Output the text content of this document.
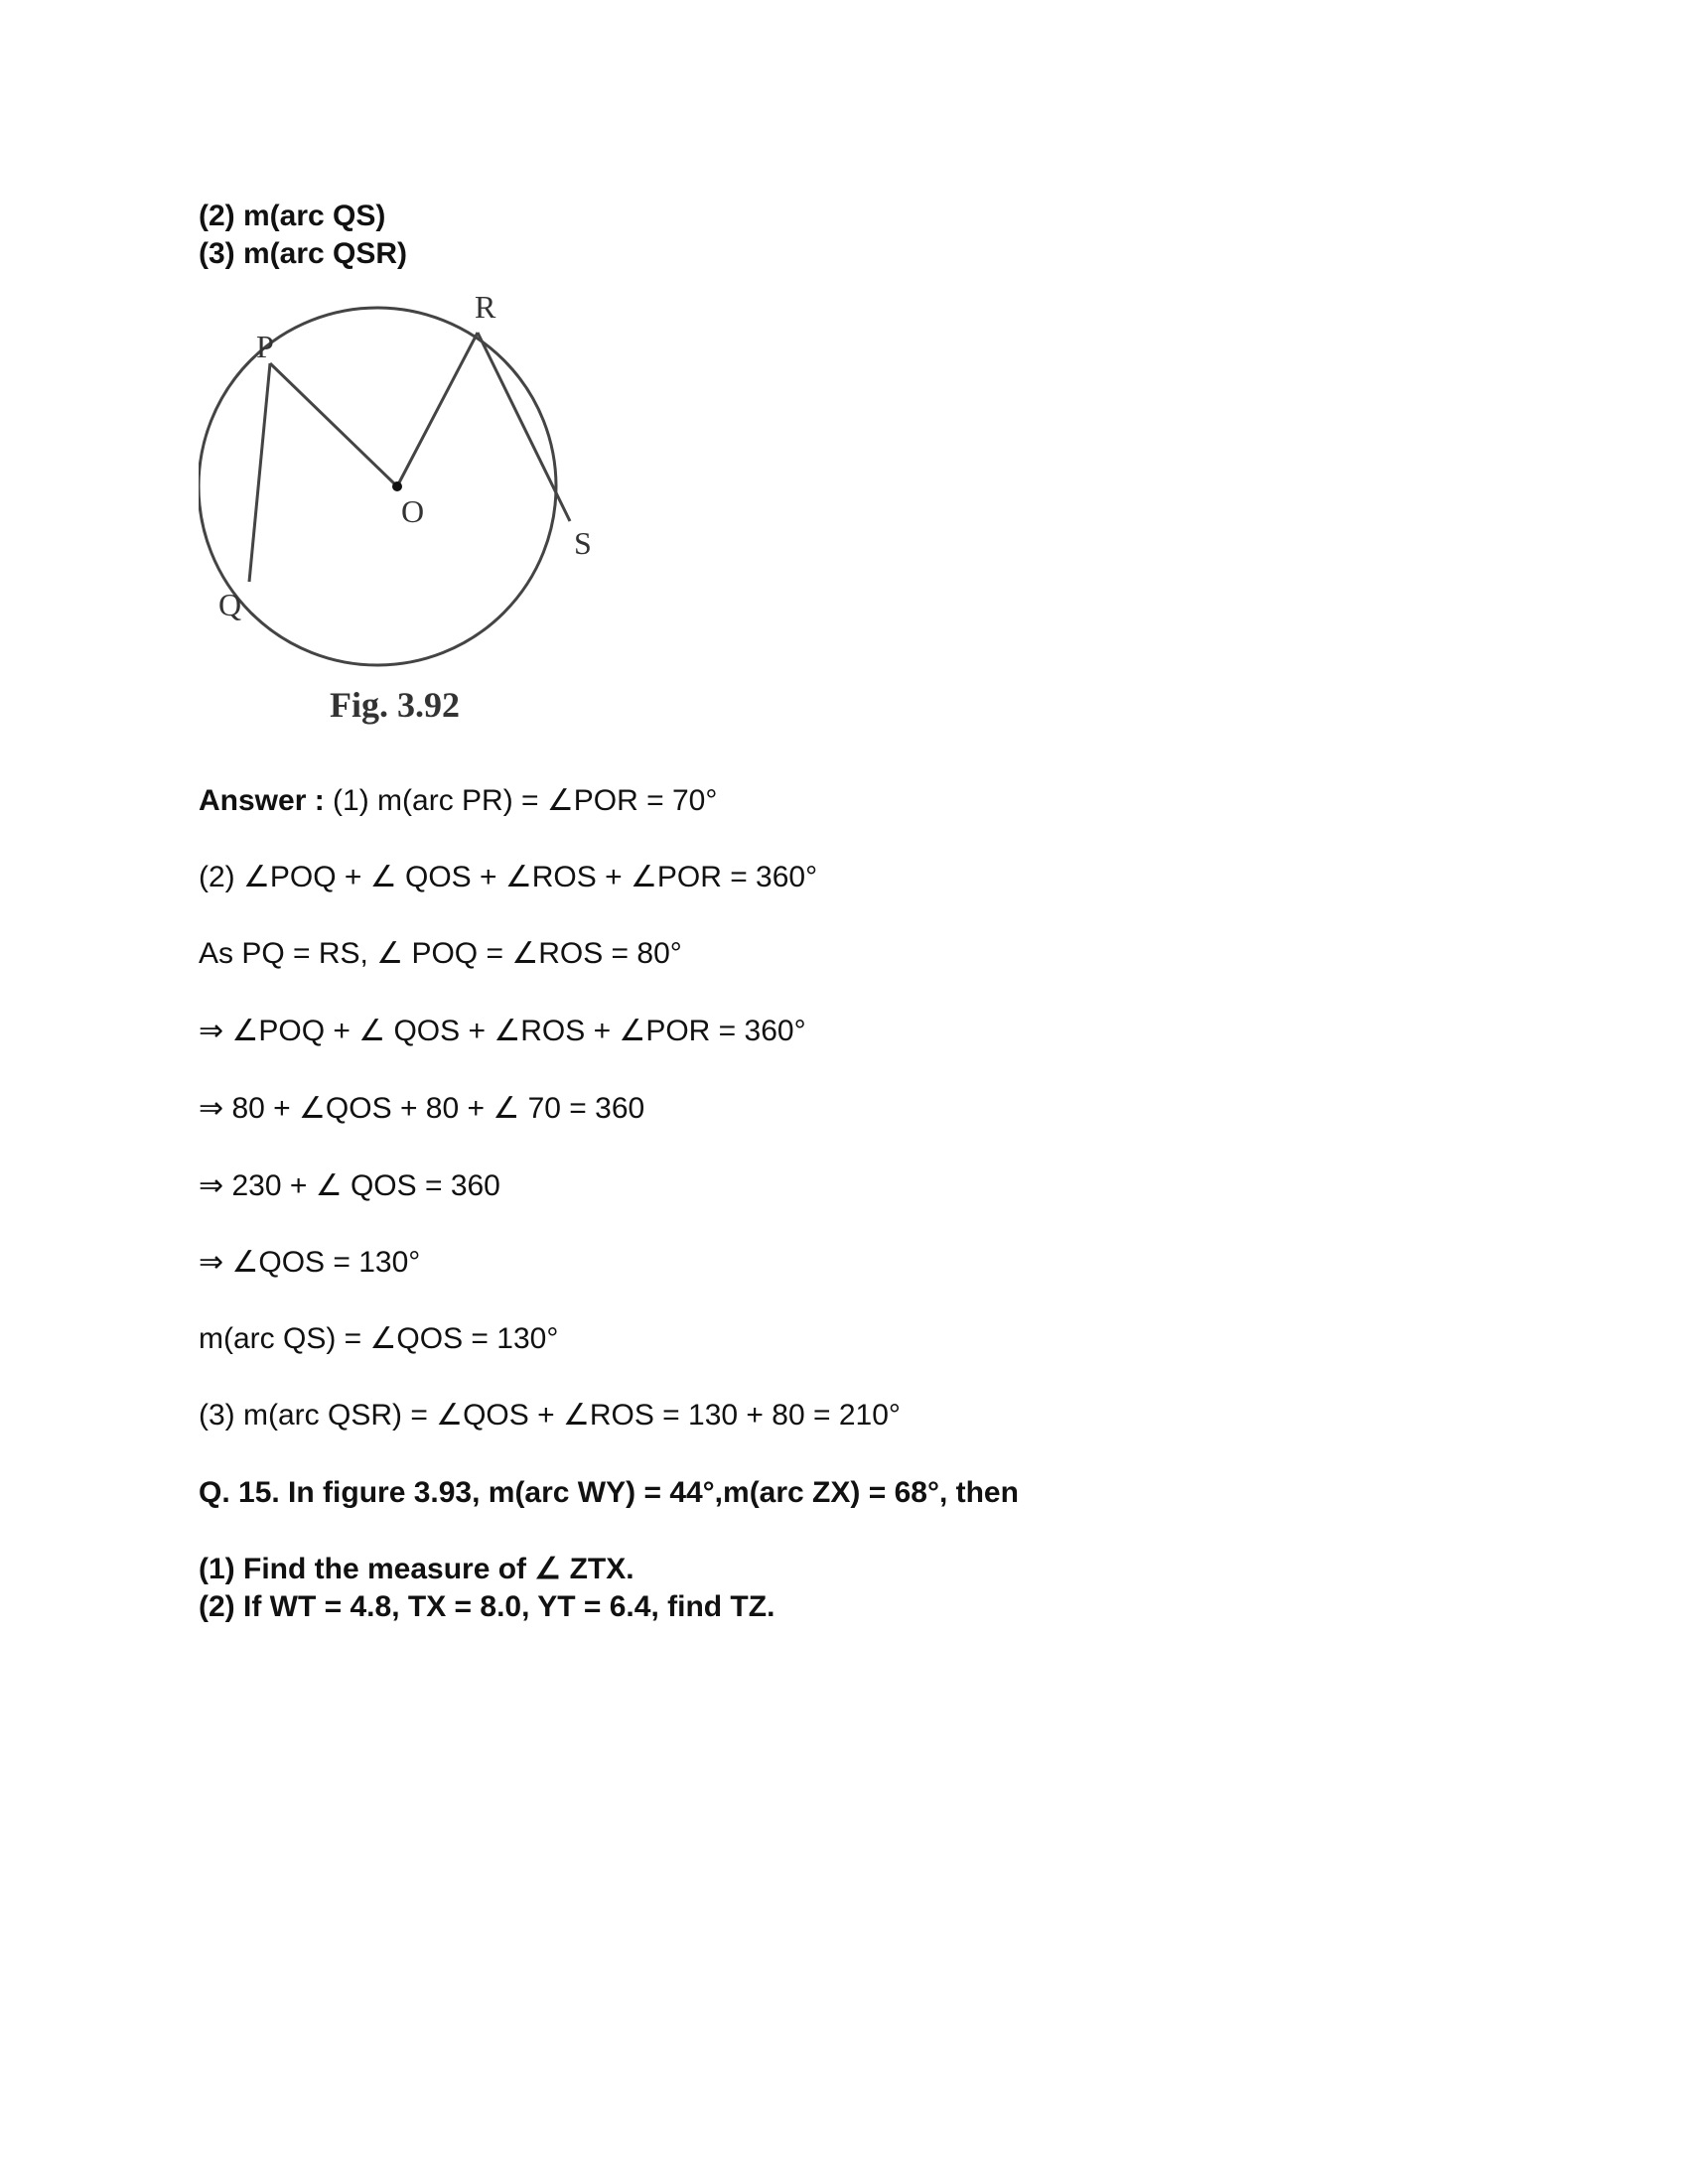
(2) m(arc QS)
(3) m(arc QSR)
P
R
O
S
Q
Fig. 3.92
Answer : (1) m(arc PR) = ∠POR = 70°
(2) ∠POQ + ∠ QOS + ∠ROS + ∠POR = 360°
As PQ = RS, ∠ POQ = ∠ROS = 80°
⇒ ∠POQ + ∠ QOS + ∠ROS + ∠POR = 360°
⇒ 80 + ∠QOS + 80 + ∠ 70 = 360
⇒ 230 + ∠ QOS = 360
⇒ ∠QOS = 130°
m(arc QS) = ∠QOS = 130°
(3) m(arc QSR) = ∠QOS + ∠ROS = 130 + 80 = 210°
Q. 15. In figure 3.93, m(arc WY) = 44°,m(arc ZX) = 68°, then
(1) Find the measure of ∠ ZTX.
(2) If WT = 4.8, TX = 8.0, YT = 6.4, find TZ.
